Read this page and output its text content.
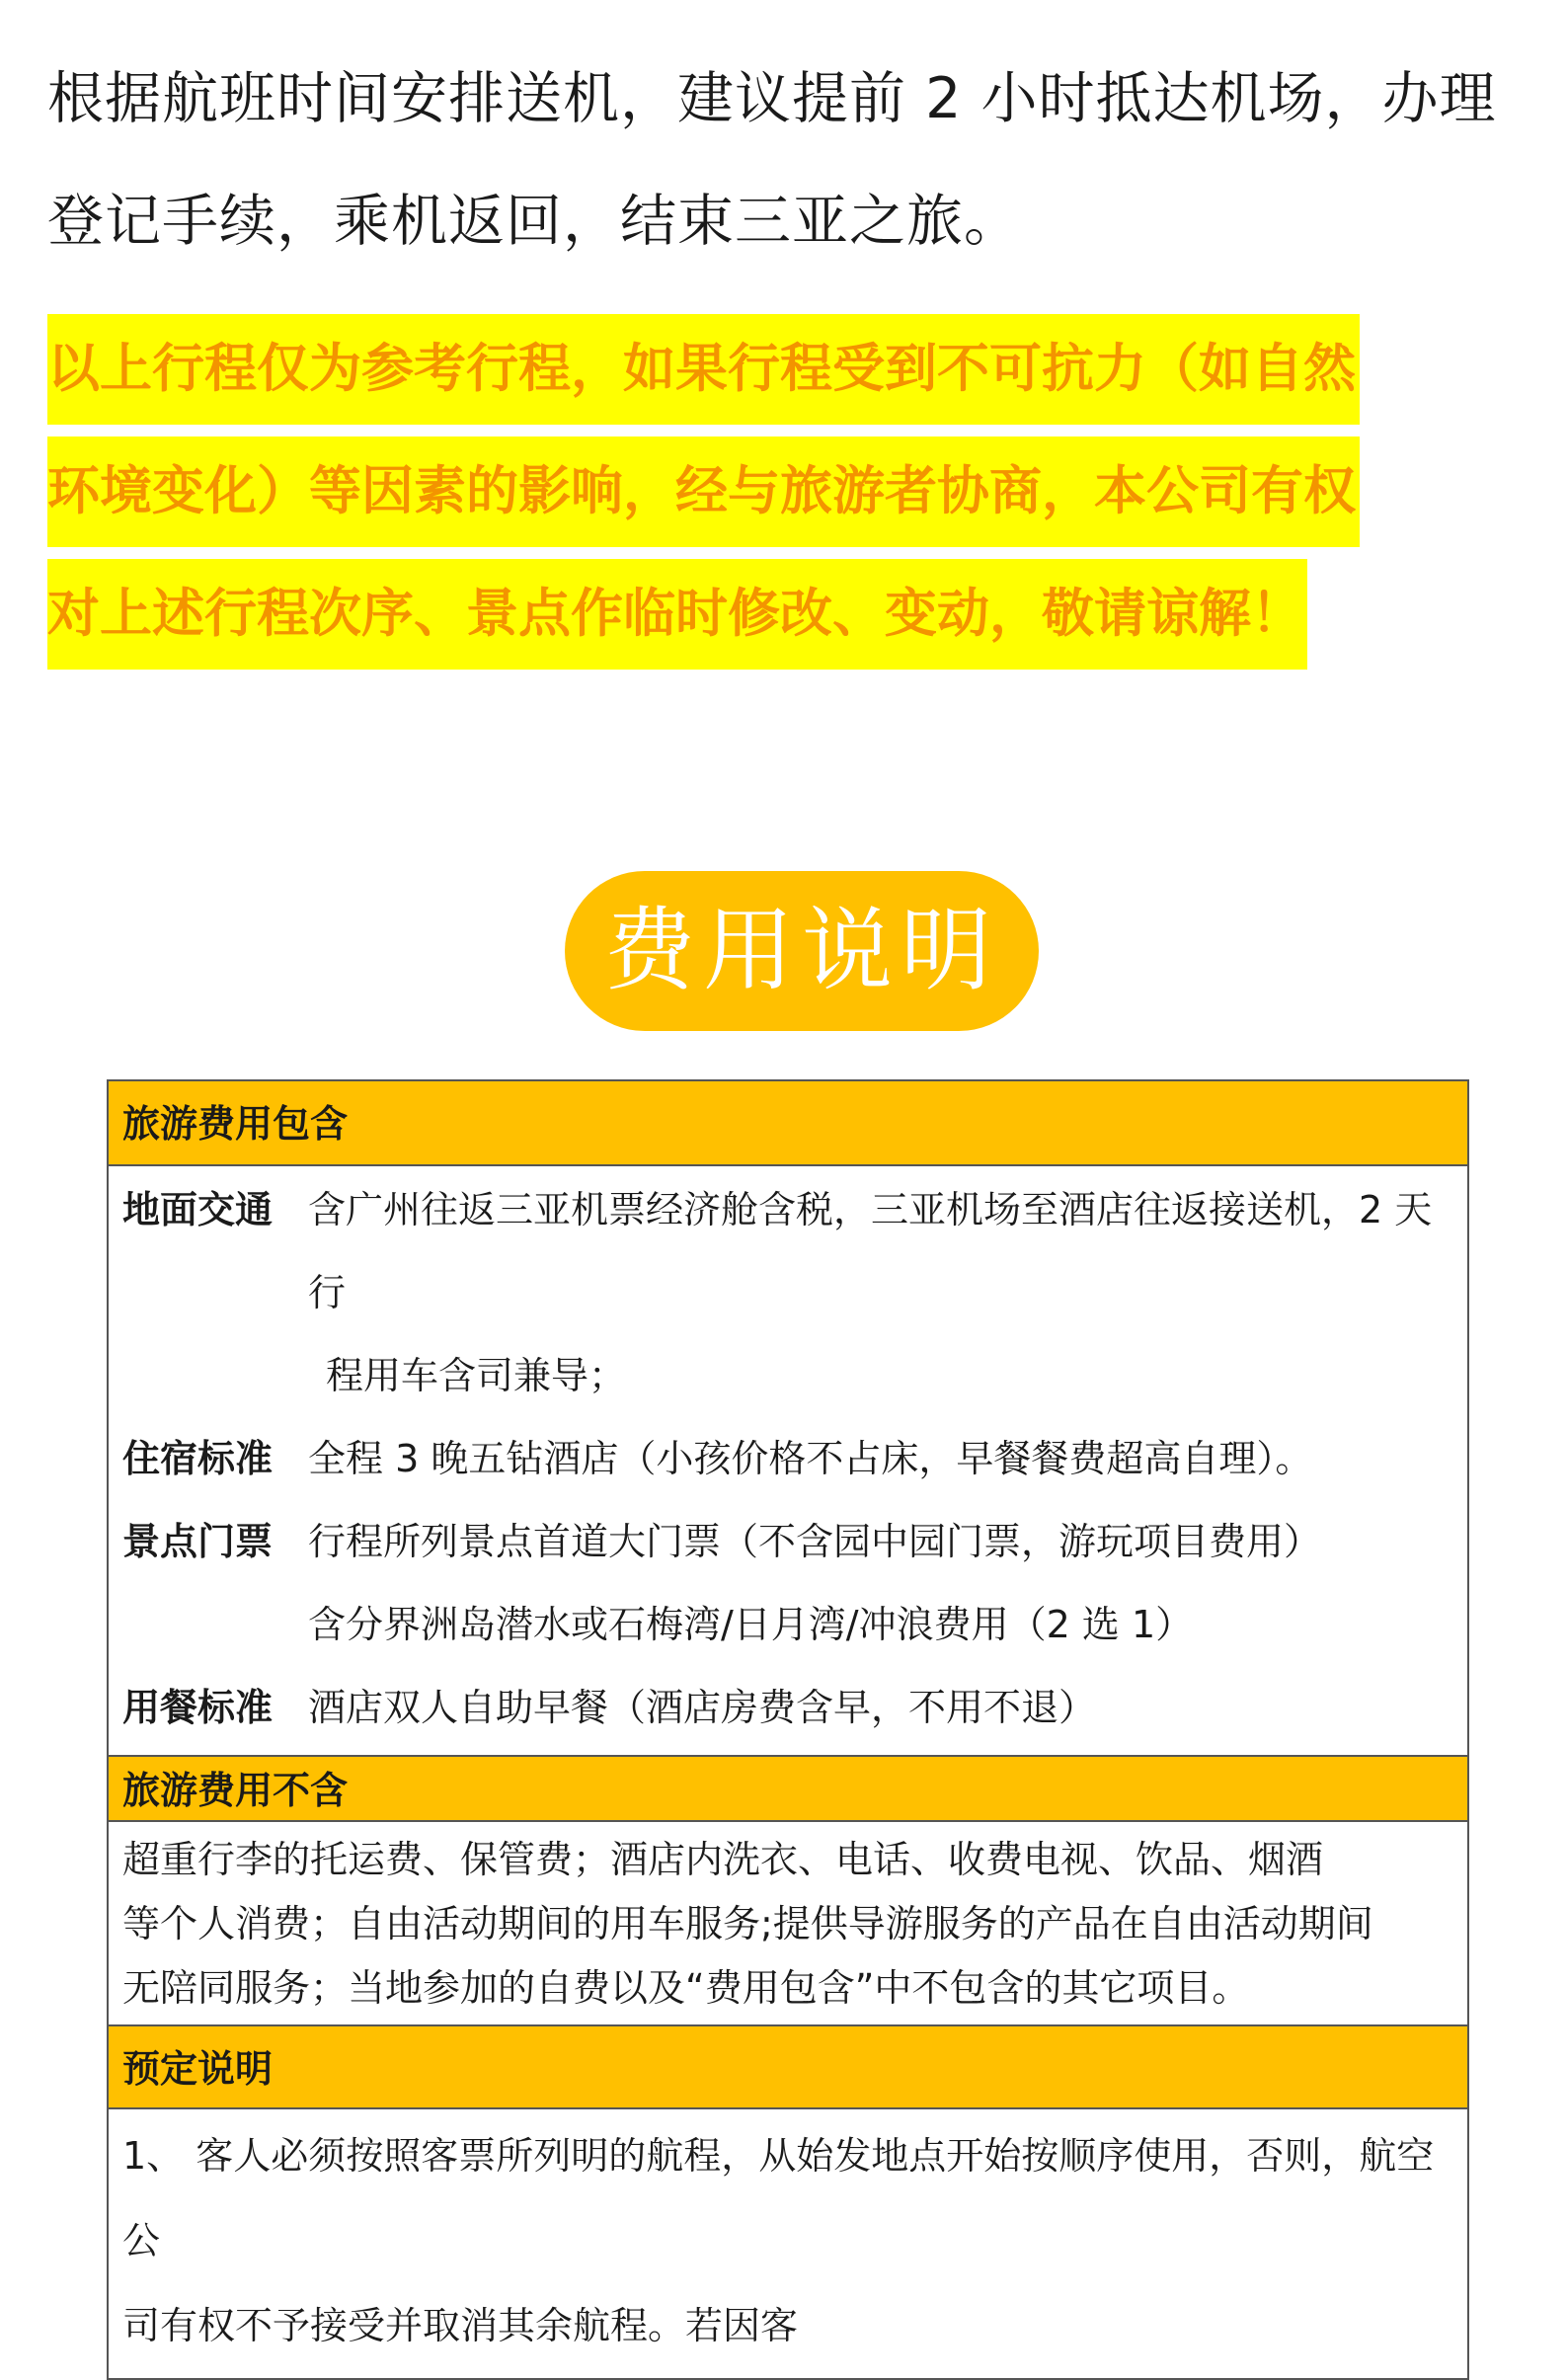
根据航班时间安排送机，建议提前 2 小时抵达机场，办理

登记手续，乘机返回，结束三亚之旅。

以上行程仅为参考行程，如果行程受到不可抗力（如自然
环境变化）等因素的影响，经与旅游者协商，本公司有权
对上述行程次序、景点作临时修改、变动，敬请谅解！
费用说明
旅游费用包含
地面交通 含广州往返三亚机票经济舱含税，三亚机场至酒店往返接送机，2 天行
程用车含司兼导；
住宿标准 全程 3 晚五钻酒店（小孩价格不占床，早餐餐费超高自理）。
景点门票 行程所列景点首道大门票（不含园中园门票，游玩项目费用）
含分界洲岛潜水或石梅湾/日月湾/冲浪费用（2 选 1）
用餐标准 酒店双人自助早餐（酒店房费含早，不用不退）
旅游费用不含

超重行李的托运费、保管费；酒店内洗衣、电话、收费电视、饮品、烟酒

等个人消费；自由活动期间的用车服务;提供导游服务的产品在自由活动期间

无陪同服务；当地参加的自费以及“费用包含”中不包含的其它项目。

预定说明

1、 客人必须按照客票所列明的航程，从始发地点开始按顺序使用，否则，航空公

司有权不予接受并取消其余航程。若因客
